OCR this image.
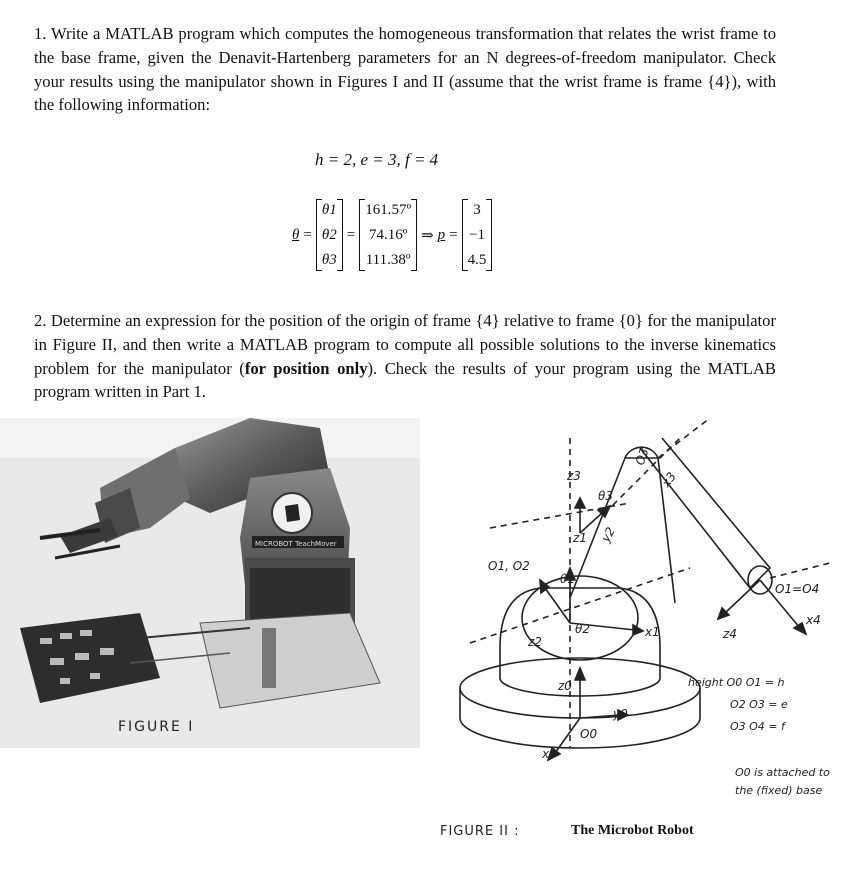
1. Write a MATLAB program which computes the homogeneous transformation that relates the wrist frame to the base frame, given the Denavit-Hartenberg parameters for an N degrees-of-freedom manipulator. Check your results using the manipulator shown in Figures I and II (assume that the wrist frame is frame {4}), with the following information:
h = 2, e = 3, f = 4
θ =
θ1
θ2
θ3
=
161.57º
74.16º
111.38º
⇒ p =
3
−1
4.5
2. Determine an expression for the position of the origin of frame {4} relative to frame {0} for the manipulator in Figure II, and then write a MATLAB program to compute all possible solutions to the inverse kinematics problem for the manipulator (for position only). Check the results of your program using the MATLAB program written in Part 1.
MICROBOT TeachMover
FIGURE I
z3
θ3
O3
x3
z1 y2
O1, O2
θ1
θ2
z2
x1
z0
y0
O0
x0
O1=O4
z4
x4
height O0 O1 = h
O2 O3 = e
O3 O4 = f
O0 is attached to
the (fixed) base
FIGURE II :	The Microbot Robot
